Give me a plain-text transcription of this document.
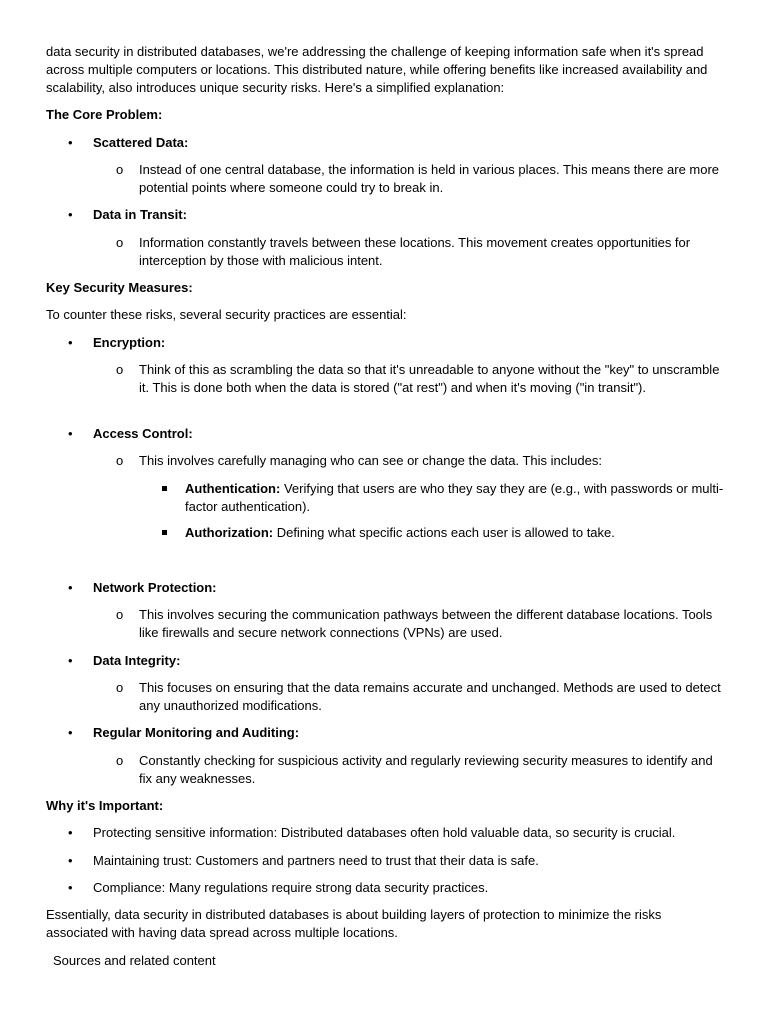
data security in distributed databases, we're addressing the challenge of keeping information safe when it's spread across multiple computers or locations. This distributed nature, while offering benefits like increased availability and scalability, also introduces unique security risks. Here's a simplified explanation:

The Core Problem:

• Scattered Data:

o Instead of one central database, the information is held in various places. This means there are more potential points where someone could try to break in.

• Data in Transit:

o Information constantly travels between these locations. This movement creates opportunities for interception by those with malicious intent.

Key Security Measures:

To counter these risks, several security practices are essential:

• Encryption:

o Think of this as scrambling the data so that it's unreadable to anyone without the "key" to unscramble it. This is done both when the data is stored ("at rest") and when it's moving ("in transit").

• Access Control:

o This involves carefully managing who can see or change the data. This includes:

Authentication: Verifying that users are who they say they are (e.g., with passwords or multi-factor authentication).

Authorization: Defining what specific actions each user is allowed to take.

• Network Protection:

o This involves securing the communication pathways between the different database locations. Tools like firewalls and secure network connections (VPNs) are used.

• Data Integrity:

o This focuses on ensuring that the data remains accurate and unchanged. Methods are used to detect any unauthorized modifications.

• Regular Monitoring and Auditing:

o Constantly checking for suspicious activity and regularly reviewing security measures to identify and fix any weaknesses.

Why it's Important:

• Protecting sensitive information: Distributed databases often hold valuable data, so security is crucial.

• Maintaining trust: Customers and partners need to trust that their data is safe.

• Compliance: Many regulations require strong data security practices.

Essentially, data security in distributed databases is about building layers of protection to minimize the risks associated with having data spread across multiple locations.

Sources and related content
